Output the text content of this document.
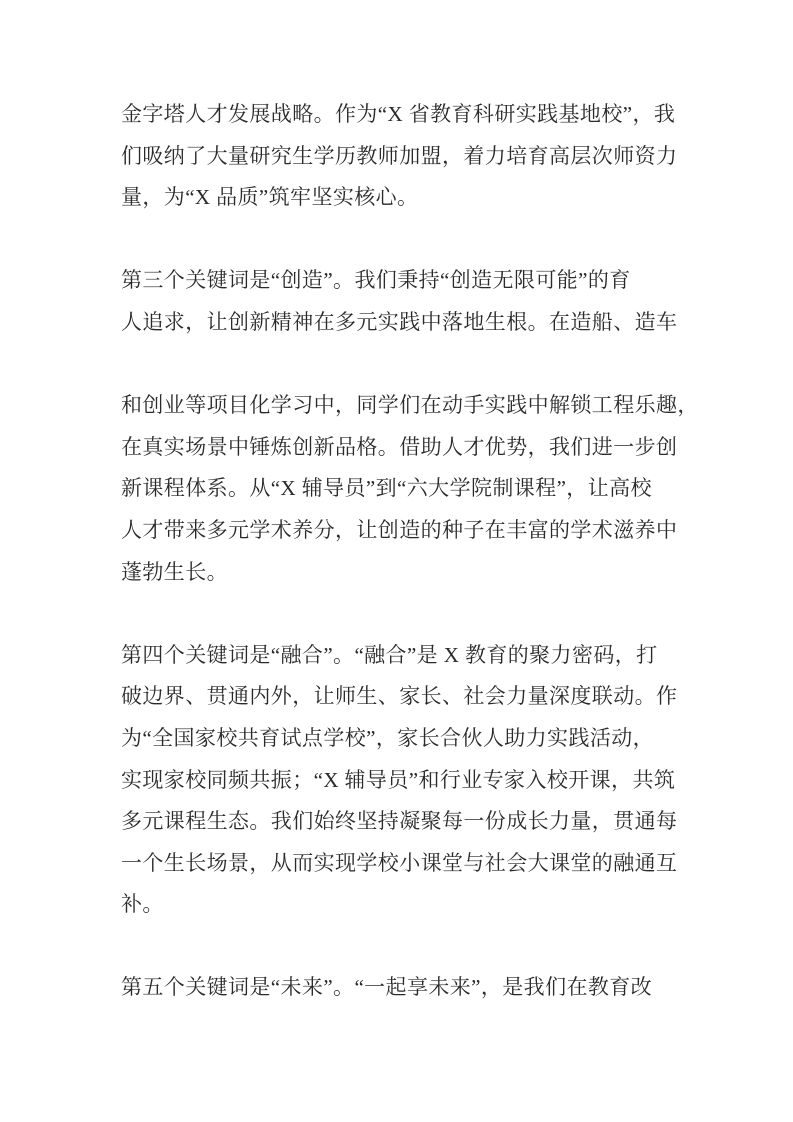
金字塔人才发展战略。作为“X 省教育科研实践基地校”，我
们吸纳了大量研究生学历教师加盟，着力培育高层次师资力
量，为“X 品质”筑牢坚实核心。
第三个关键词是“创造”。我们秉持“创造无限可能”的育
人追求，让创新精神在多元实践中落地生根。在造船、造车
和创业等项目化学习中，同学们在动手实践中解锁工程乐趣，
在真实场景中锤炼创新品格。借助人才优势，我们进一步创
新课程体系。从“X 辅导员”到“六大学院制课程”，让高校
人才带来多元学术养分，让创造的种子在丰富的学术滋养中
蓬勃生长。
第四个关键词是“融合”。“融合”是 X 教育的聚力密码，打
破边界、贯通内外，让师生、家长、社会力量深度联动。作
为“全国家校共育试点学校”，家长合伙人助力实践活动，
实现家校同频共振；“X 辅导员”和行业专家入校开课，共筑
多元课程生态。我们始终坚持凝聚每一份成长力量，贯通每
一个生长场景，从而实现学校小课堂与社会大课堂的融通互
补。
第五个关键词是“未来”。“一起享未来”，是我们在教育改
